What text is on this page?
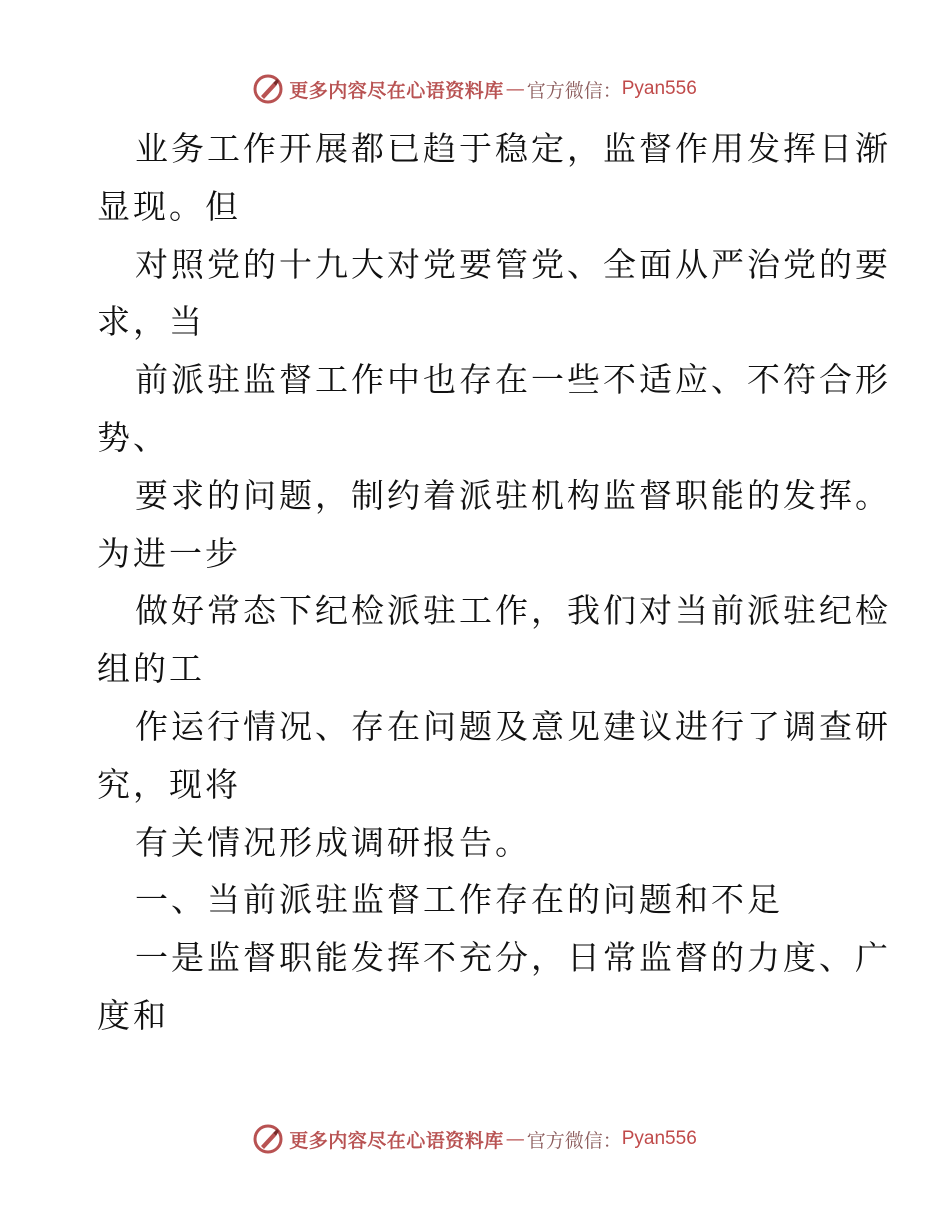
更多内容尽在心语资料库 — 官方微信： Pyan556
业务工作开展都已趋于稳定，监督作用发挥日渐
显现。但
对照党的十九大对党要管党、全面从严治党的要
求，当
前派驻监督工作中也存在一些不适应、不符合形
势、
要求的问题，制约着派驻机构监督职能的发挥。
为进一步
做好常态下纪检派驻工作，我们对当前派驻纪检
组的工
作运行情况、存在问题及意见建议进行了调查研
究，现将
有关情况形成调研报告。
一、当前派驻监督工作存在的问题和不足
一是监督职能发挥不充分，日常监督的力度、广
度和
更多内容尽在心语资料库 — 官方微信： Pyan556
